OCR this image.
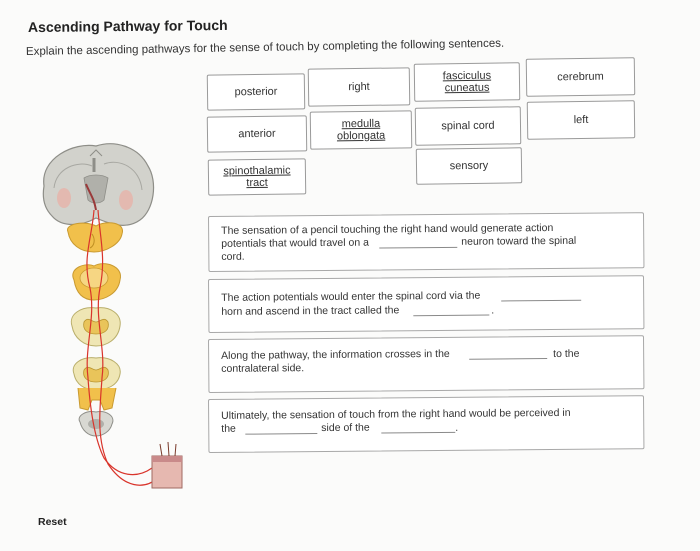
Ascending Pathway for Touch
Explain the ascending pathways for the sense of touch by completing the following sentences.
posterior	right
fasciculus cuneatus
cerebrum
anterior
medulla oblongata
spinal cord	left
spinothalamic tract
sensory
The sensation of a pencil touching the right hand would generate action
potentials that would travel on a	neuron toward the spinal
cord.
The action potentials would enter the spinal cord via the
horn and ascend in the tract called the	.
Along the pathway, the information crosses in the	to the
contralateral side.
Ultimately, the sensation of touch from the right hand would be perceived in
the	side of the	.
Reset
